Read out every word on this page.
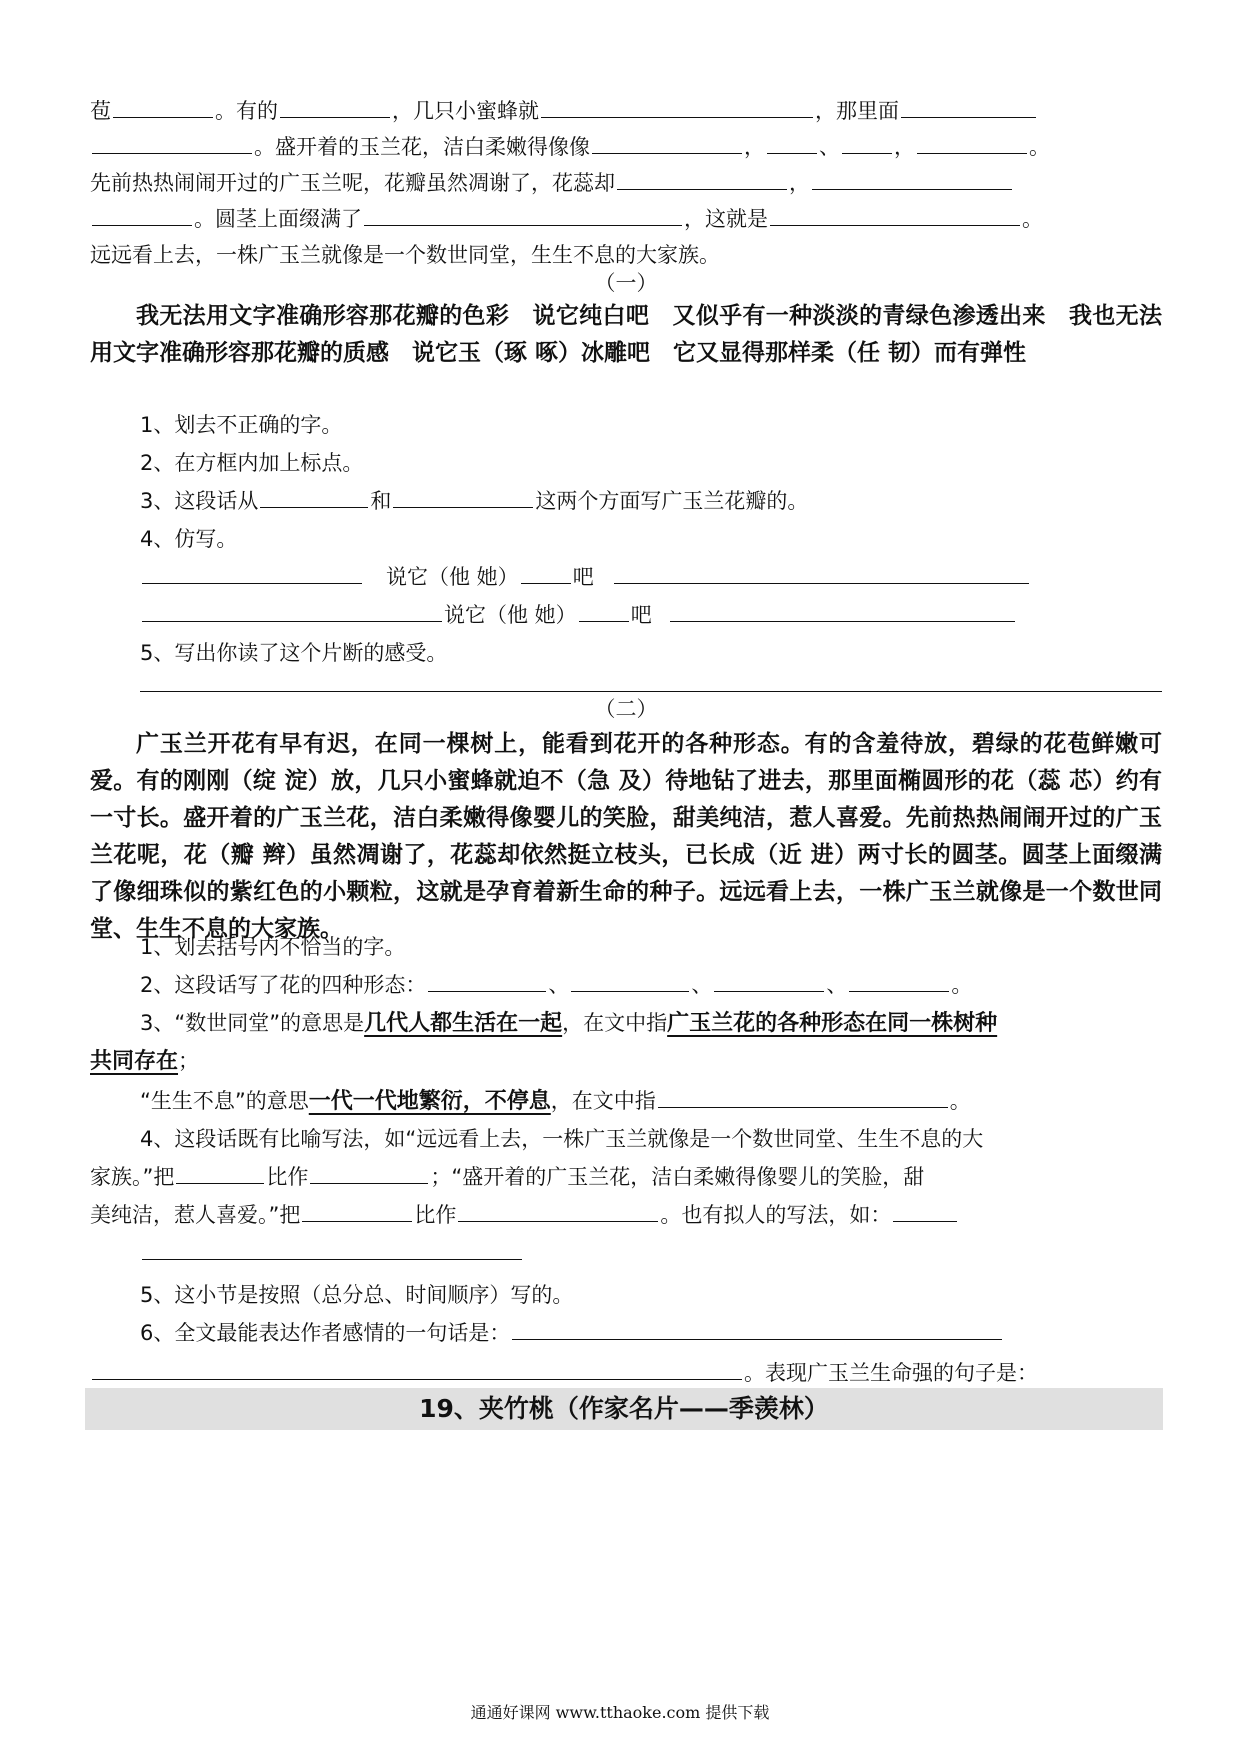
苞	。有的	，几只小蜜蜂就	，那里面
。盛开着的玉兰花，洁白柔嫩得像像	，	、	，	。
先前热热闹闹开过的广玉兰呢，花瓣虽然凋谢了，花蕊却	，
。圆茎上面缀满了	，这就是	。
远远看上去，一株广玉兰就像是一个数世同堂，生生不息的大家族。
（一）
我无法用文字准确形容那花瓣的色彩　说它纯白吧　又似乎有一种淡淡的青绿色渗透出来　我也无法用文字准确形容那花瓣的质感　说它玉（琢 啄）冰雕吧　它又显得那样柔（任 韧）而有弹性
1、划去不正确的字。
2、在方框内加上标点。
3、这段话从	和	这两个方面写广玉兰花瓣的。
4、仿写。
说它（他 她）	吧
说它（他 她）	吧
5、写出你读了这个片断的感受。
（二）
广玉兰开花有早有迟，在同一棵树上，能看到花开的各种形态。有的含羞待放，碧绿的花苞鲜嫩可爱。有的刚刚（绽 淀）放，几只小蜜蜂就迫不（急 及）待地钻了进去，那里面椭圆形的花（蕊 芯）约有一寸长。盛开着的广玉兰花，洁白柔嫩得像婴儿的笑脸，甜美纯洁，惹人喜爱。先前热热闹闹开过的广玉兰花呢，花（瓣 辫）虽然凋谢了，花蕊却依然挺立枝头，已长成（近 进）两寸长的圆茎。圆茎上面缀满了像细珠似的紫红色的小颗粒，这就是孕育着新生命的种子。远远看上去，一株广玉兰就像是一个数世同堂、生生不息的大家族。
1、划去括号内不恰当的字。
2、这段话写了花的四种形态：	、	、	、	。
3、“数世同堂”的意思是几代人都生活在一起，在文中指广玉兰花的各种形态在同一株树种
共同存在；
“生生不息”的意思一代一代地繁衍，不停息，在文中指	。
4、这段话既有比喻写法，如“远远看上去，一株广玉兰就像是一个数世同堂、生生不息的大
家族。”把	比作	；“盛开着的广玉兰花，洁白柔嫩得像婴儿的笑脸，甜
美纯洁，惹人喜爱。”把	比作	。也有拟人的写法，如：
5、这小节是按照（总分总、时间顺序）写的。
6、全文最能表达作者感情的一句话是：
。表现广玉兰生命强的句子是：
19、夹竹桃（作家名片——季羡林）
通通好课网 www.tthaoke.com 提供下载
